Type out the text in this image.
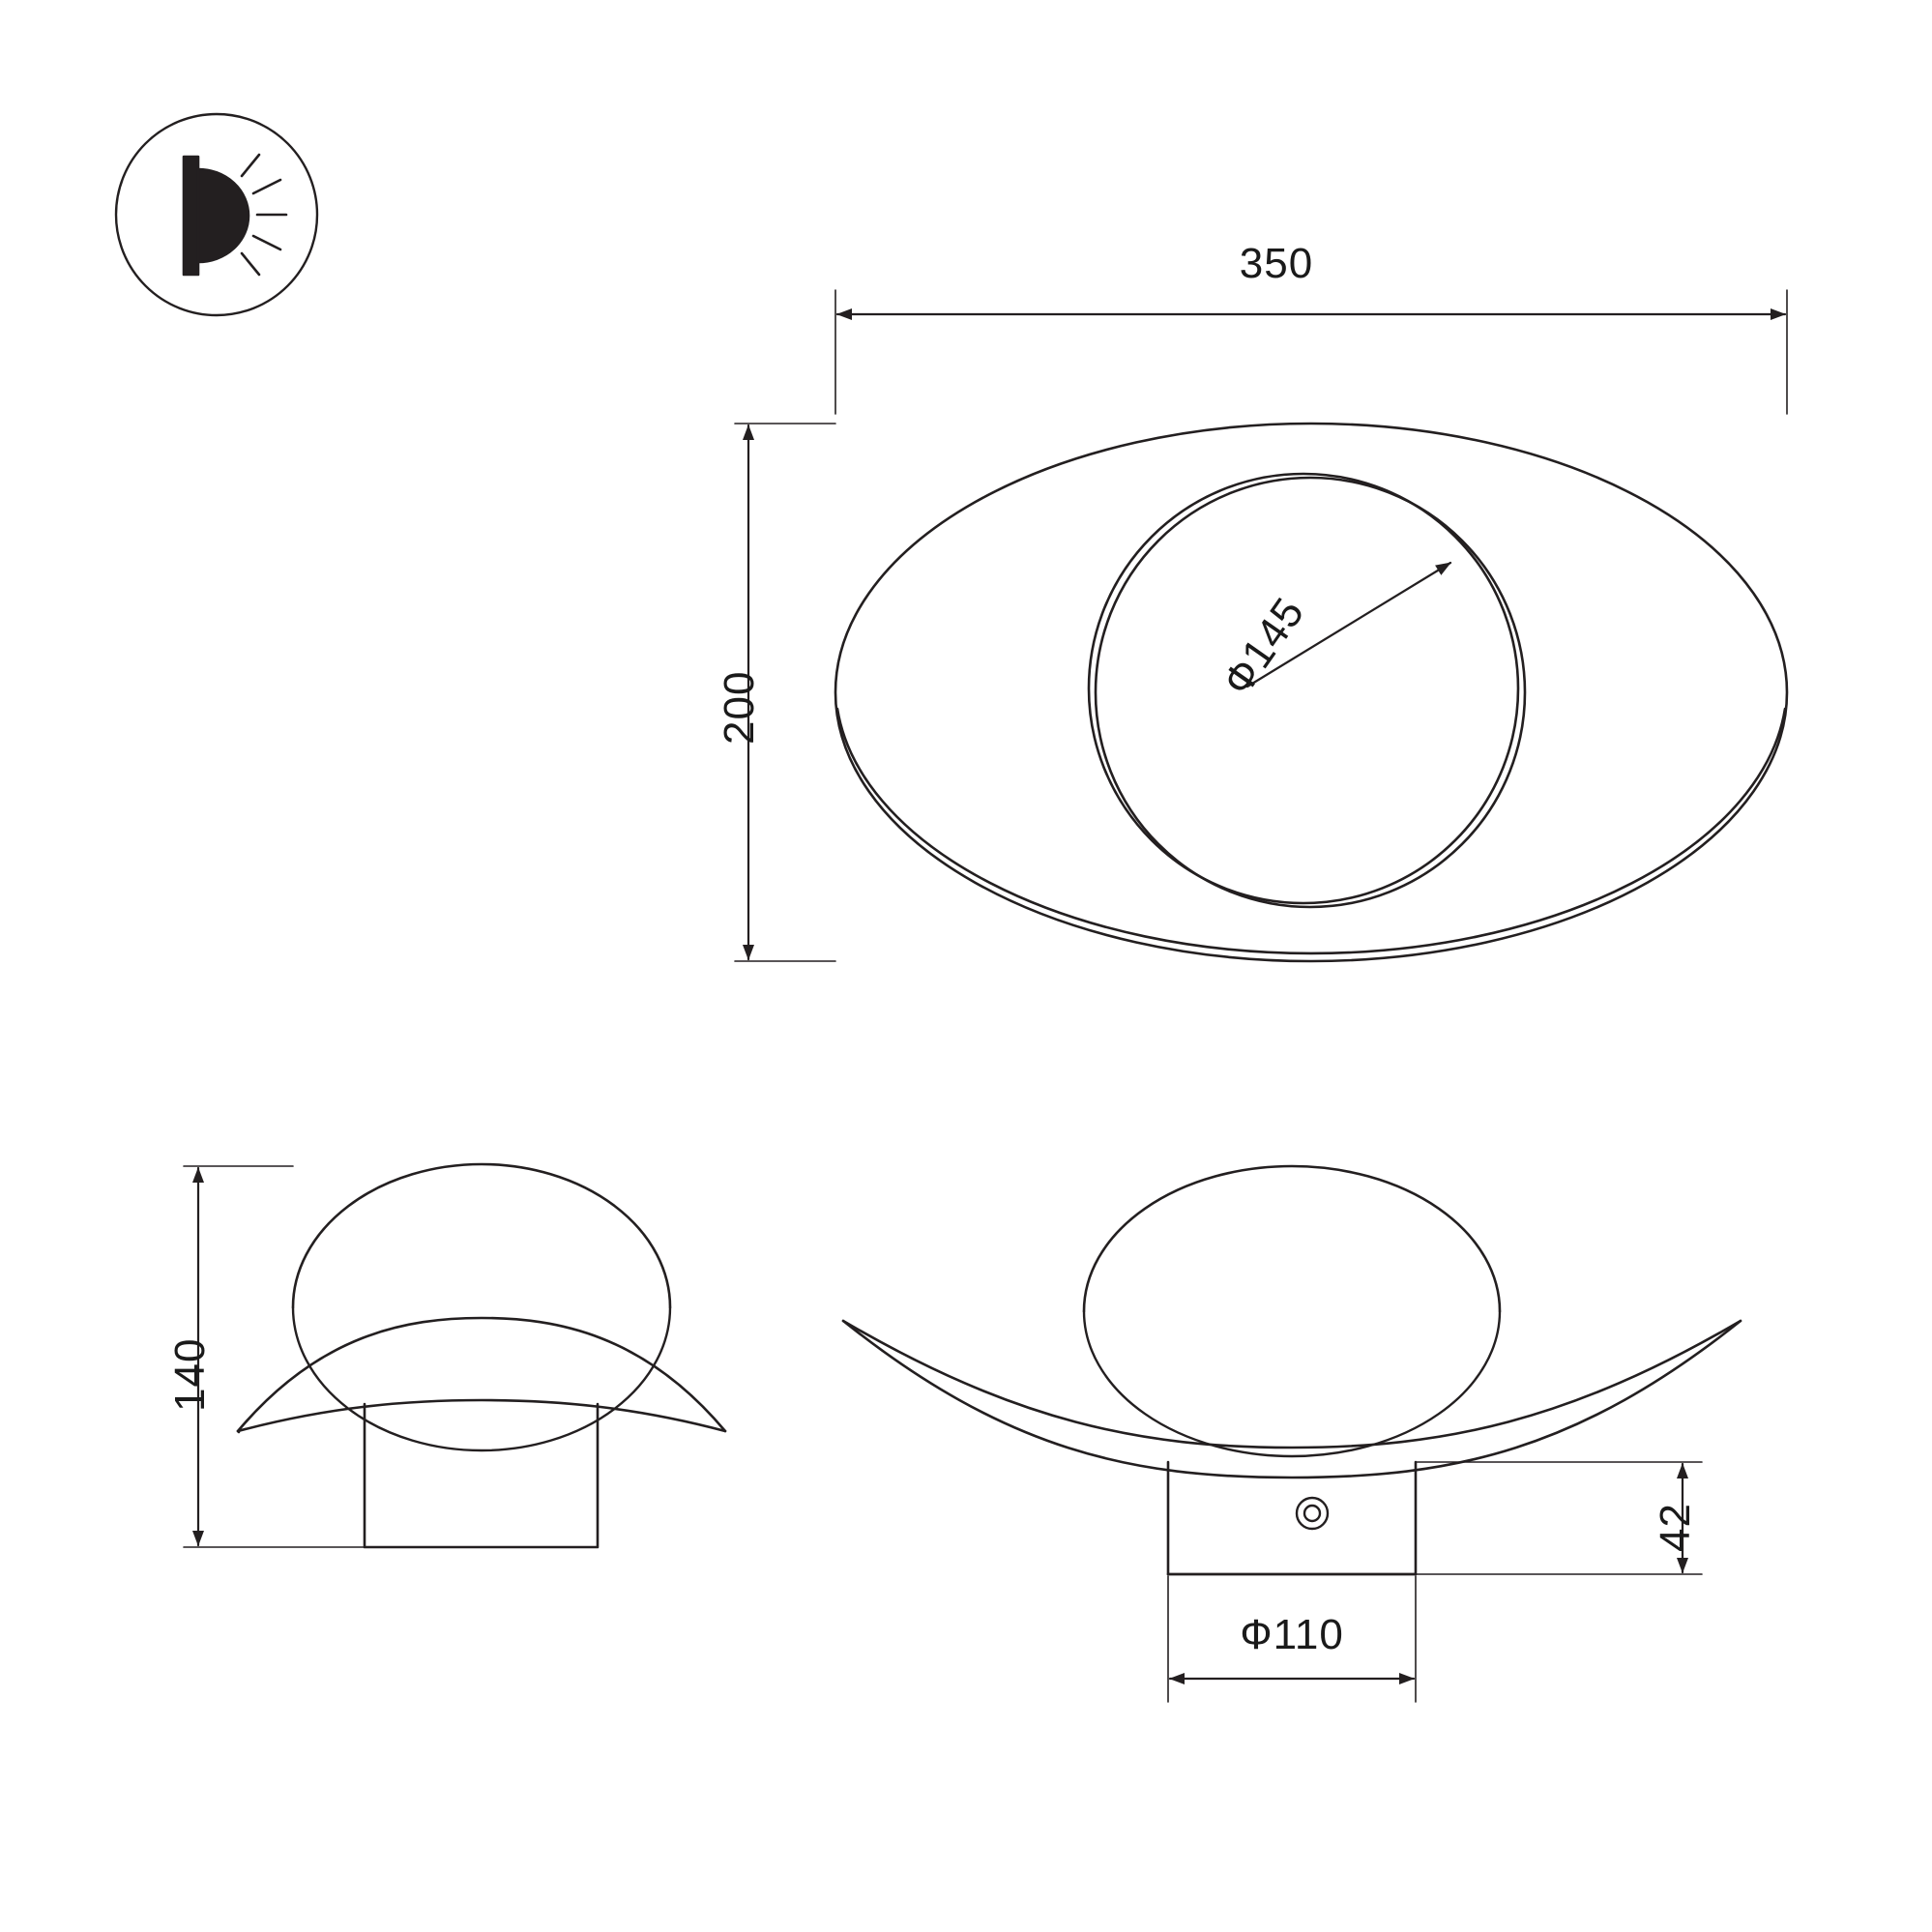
350
200
Ф145
140
42
Ф110
